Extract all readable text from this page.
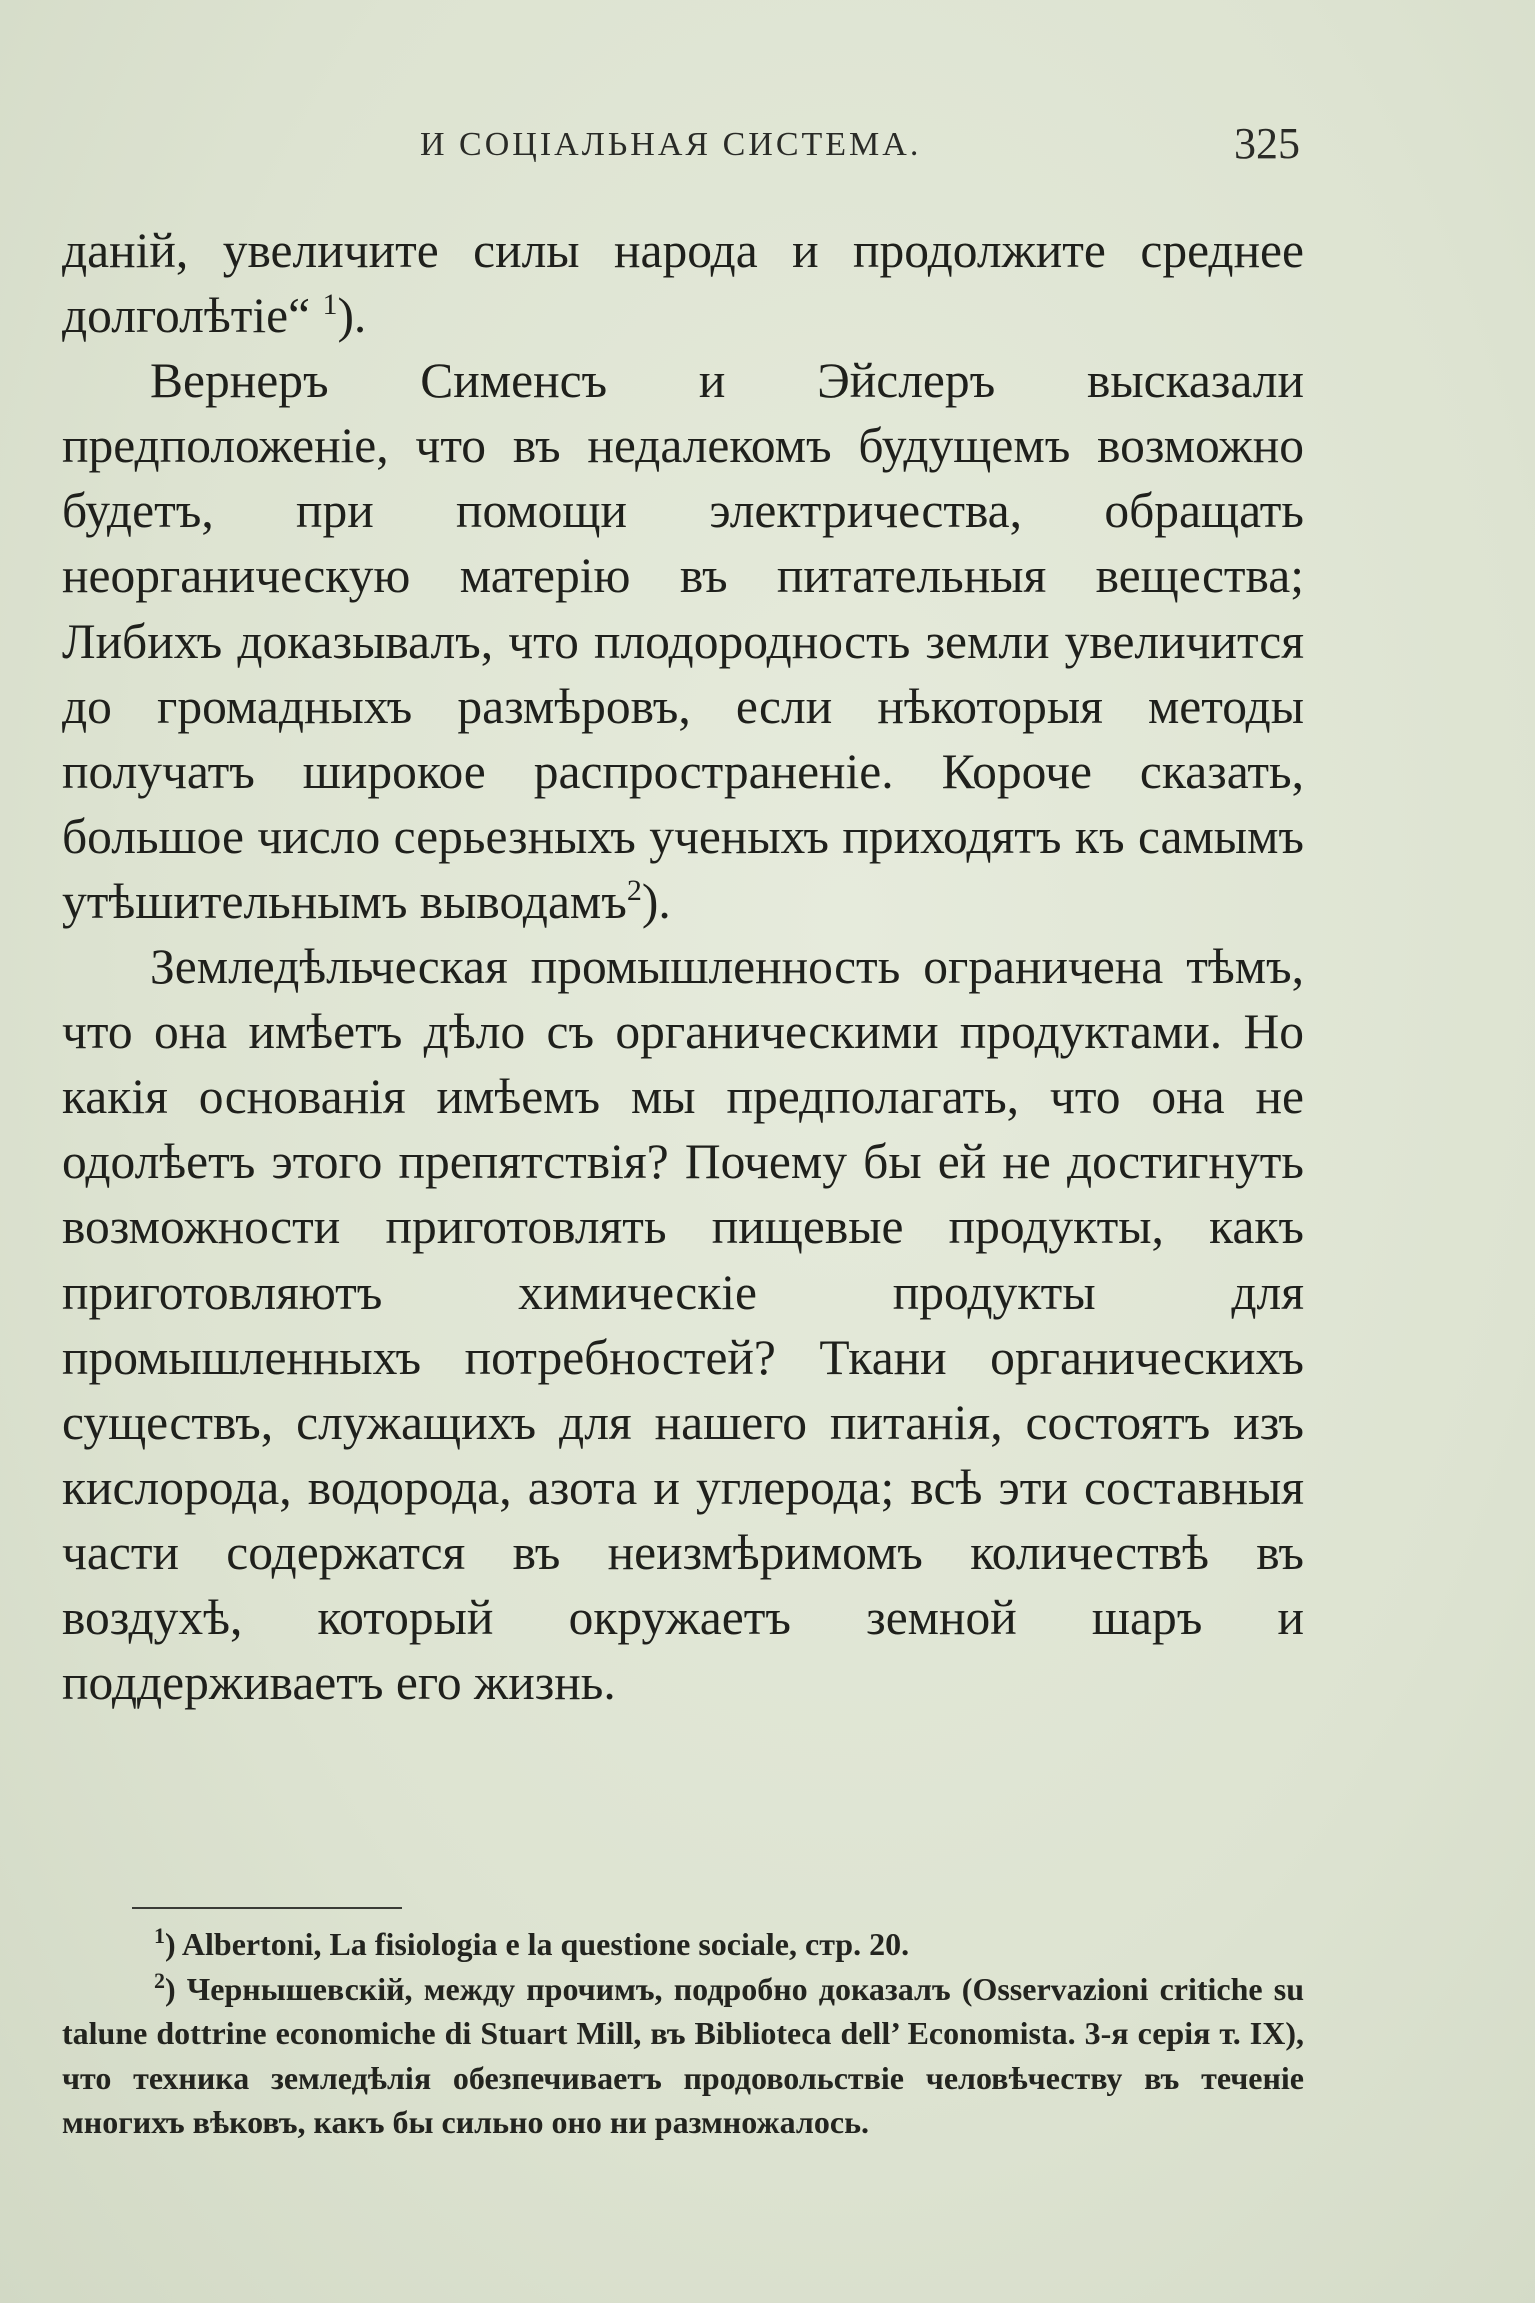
И СОЦІАЛЬНАЯ СИСТЕМА.	325

данiй, увеличите силы народа и продолжите среднее долголѣтiе“ $^1$).

Вернеръ Сименсъ и Эйслеръ высказали предположенiе, что въ недалекомъ будущемъ возможно будетъ, при помощи электричества, обращать неорганическую матерiю въ питательныя вещества; Либихъ доказывалъ, что плодородность земли увеличится до громадныхъ размѣровъ, если нѣкоторыя методы получатъ широкое распространенiе. Короче сказать, большое число серьезныхъ ученыхъ приходятъ къ самымъ утѣшительнымъ выводамъ$^2$).

Земледѣльческая промышленность ограничена тѣмъ, что она имѣетъ дѣло съ органическими продуктами. Но какiя основанiя имѣемъ мы предполагать, что она не одолѣетъ этого препятствiя? Почему бы ей не достигнуть возможности приготовлять пищевые продукты, какъ приготовляютъ химическiе продукты для промышленныхъ потребностей? Ткани органическихъ существъ, служащихъ для нашего питанiя, состоятъ изъ кислорода, водорода, азота и углерода; всѣ эти составныя части содержатся въ неизмѣримомъ количествѣ въ воздухѣ, который окружаетъ земной шаръ и поддерживаетъ его жизнь.

$^1$) Albertoni, La fisiologia e la questione sociale, стр. 20.

$^2$) Чернышевскiй, между прочимъ, подробно доказалъ (Osservazioni critiche su talune dottrine economiche di Stuart Mill, въ Biblioteca dell’ Economista. 3-я серiя т. IX), что техника земледѣлiя обезпечиваетъ продовольствiе человѣчеству въ теченiе многихъ вѣковъ, какъ бы сильно оно ни размножалось.
